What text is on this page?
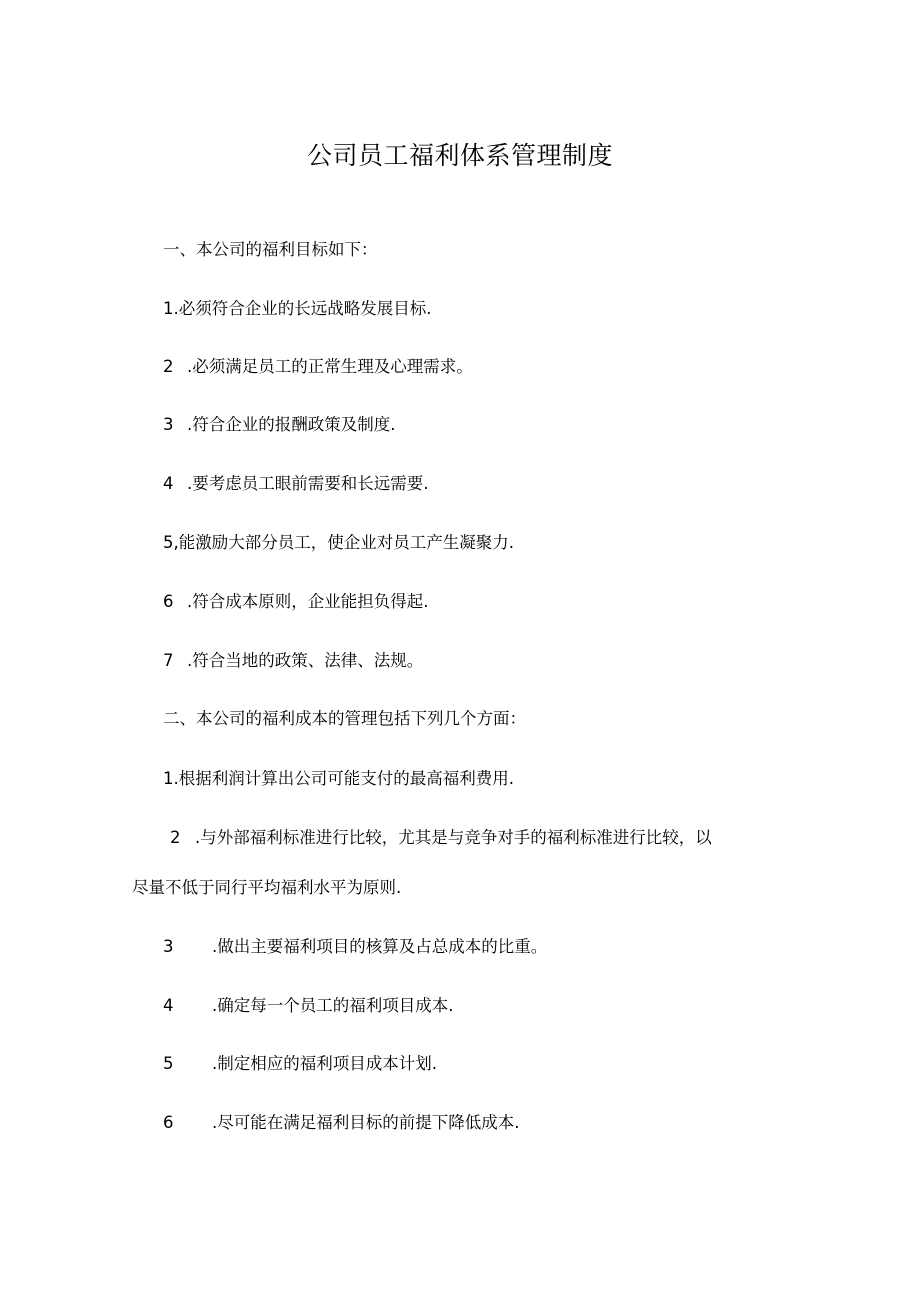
公司员工福利体系管理制度
一、本公司的福利目标如下：
1.必须符合企业的长远战略发展目标.
2 .必须满足员工的正常生理及心理需求。
3 .符合企业的报酬政策及制度.
4 .要考虑员工眼前需要和长远需要.
5,能激励大部分员工，使企业对员工产生凝聚力.
6 .符合成本原则，企业能担负得起.
7 .符合当地的政策、法律、法规。
二、本公司的福利成本的管理包括下列几个方面：
1.根据利润计算出公司可能支付的最高福利费用.
2 .与外部福利标准进行比较，尤其是与竞争对手的福利标准进行比较，以
尽量不低于同行平均福利水平为原则.
3 .做出主要福利项目的核算及占总成本的比重。
4 .确定每一个员工的福利项目成本.
5 .制定相应的福利项目成本计划.
6 .尽可能在满足福利目标的前提下降低成本.
